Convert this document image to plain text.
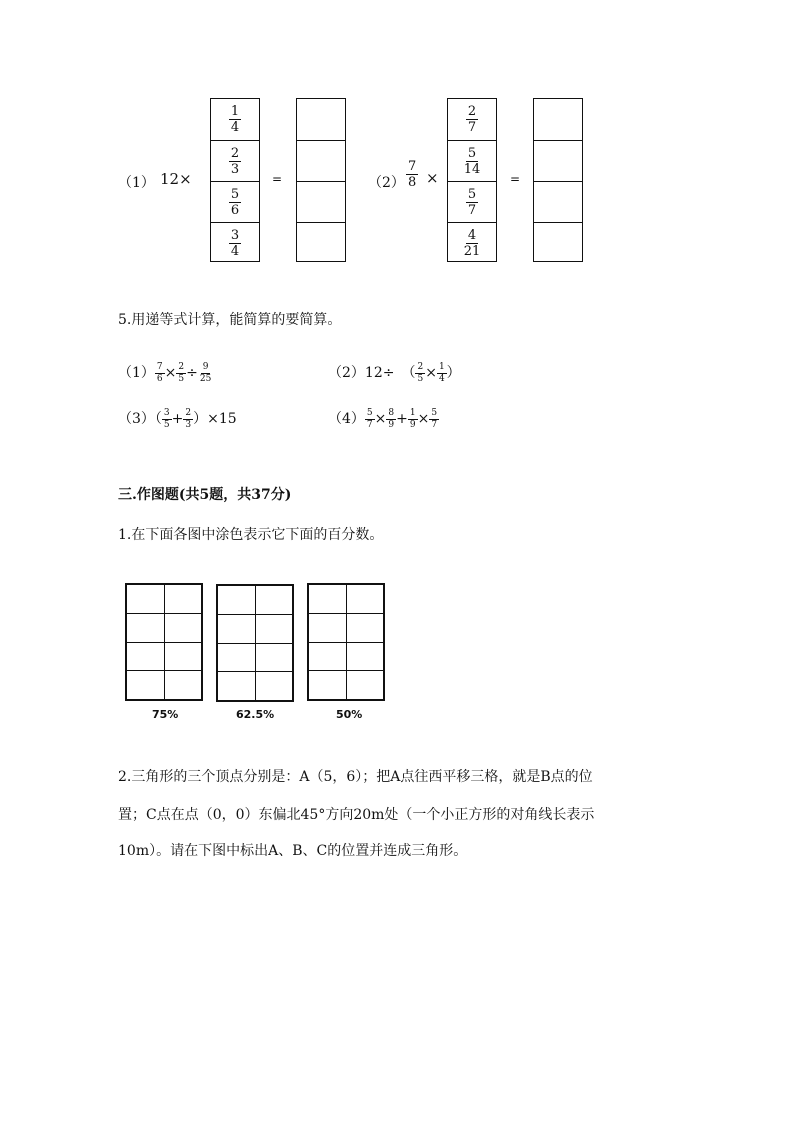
（1） 12×
$\frac{1}{4}$
$\frac{2}{3}$
$\frac{5}{6}$
$\frac{3}{4}$
=	$(2) \frac{7}{8}$ ×
$\frac{2}{7}$
$\frac{5}{14}$
$\frac{5}{7}$
$\frac{4}{21}$
=
5.用递等式计算，能简算的要简算。
$(1) \frac{7}{6} \times \frac{2}{5} \div \frac{9}{25}$	（2）12÷　（ $\frac{2}{5} \times \frac{1}{4}$ ）
$(3)( \frac{3}{5} + \frac{2}{3} )\times 15$	$(4) \frac{5}{7} \times \frac{8}{9} + \frac{1}{9} \times \frac{5}{7}$
三.作图题(共5题，共37分)
1.在下面各图中涂色表示它下面的百分数。
75%	62.5%	50%
2.三角形的三个顶点分别是：A（5，6）；把A点往西平移三格，就是B点的位
置；C点在点（0，0）东偏北45°方向20m处（一个小正方形的对角线长表示
10m）。请在下图中标出A、B、C的位置并连成三角形。
